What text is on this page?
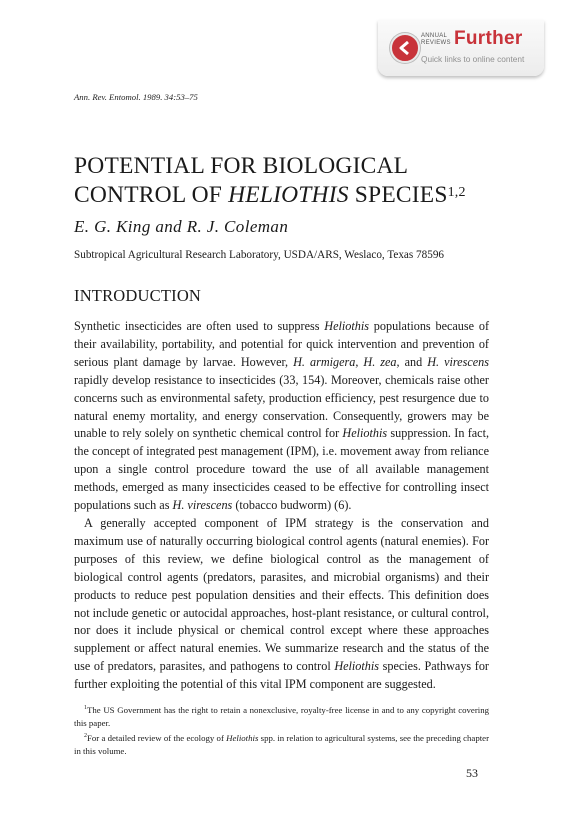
ANNUAL
REVIEWS Further
Quick links to online content
Ann. Rev. Entomol. 1989. 34:53–75
POTENTIAL FOR BIOLOGICAL
CONTROL OF HELIOTHIS SPECIES$^{1,2}$
E. G. King and R. J. Coleman
Subtropical Agricultural Research Laboratory, USDA/ARS, Weslaco, Texas 78596
INTRODUCTION

Synthetic insecticides are often used to suppress Heliothis populations because of their availability, portability, and potential for quick intervention and prevention of serious plant damage by larvae. However, H. armigera, H. zea, and H. virescens rapidly develop resistance to insecticides (33, 154). Moreover, chemicals raise other concerns such as environmental safety, production efficiency, pest resurgence due to natural enemy mortality, and energy conservation. Consequently, growers may be unable to rely solely on synthetic chemical control for Heliothis suppression. In fact, the concept of integrated pest management (IPM), i.e. movement away from reliance upon a single control procedure toward the use of all available management methods, emerged as many insecticides ceased to be effective for controlling insect populations such as H. virescens (tobacco budworm) (6).

A generally accepted component of IPM strategy is the conservation and maximum use of naturally occurring biological control agents (natural enemies). For purposes of this review, we define biological control as the management of biological control agents (predators, parasites, and microbial organisms) and their products to reduce pest population densities and their effects. This definition does not include genetic or autocidal approaches, host-plant resistance, or cultural control, nor does it include physical or chemical control except where these approaches supplement or affect natural enemies. We summarize research and the status of the use of predators, parasites, and pathogens to control Heliothis species. Pathways for further exploiting the potential of this vital IPM component are suggested.

$^1$The US Government has the right to retain a nonexclusive, royalty-free license in and to any copyright covering this paper.

$^2$For a detailed review of the ecology of Heliothis spp. in relation to agricultural systems, see the preceding chapter in this volume.

53
